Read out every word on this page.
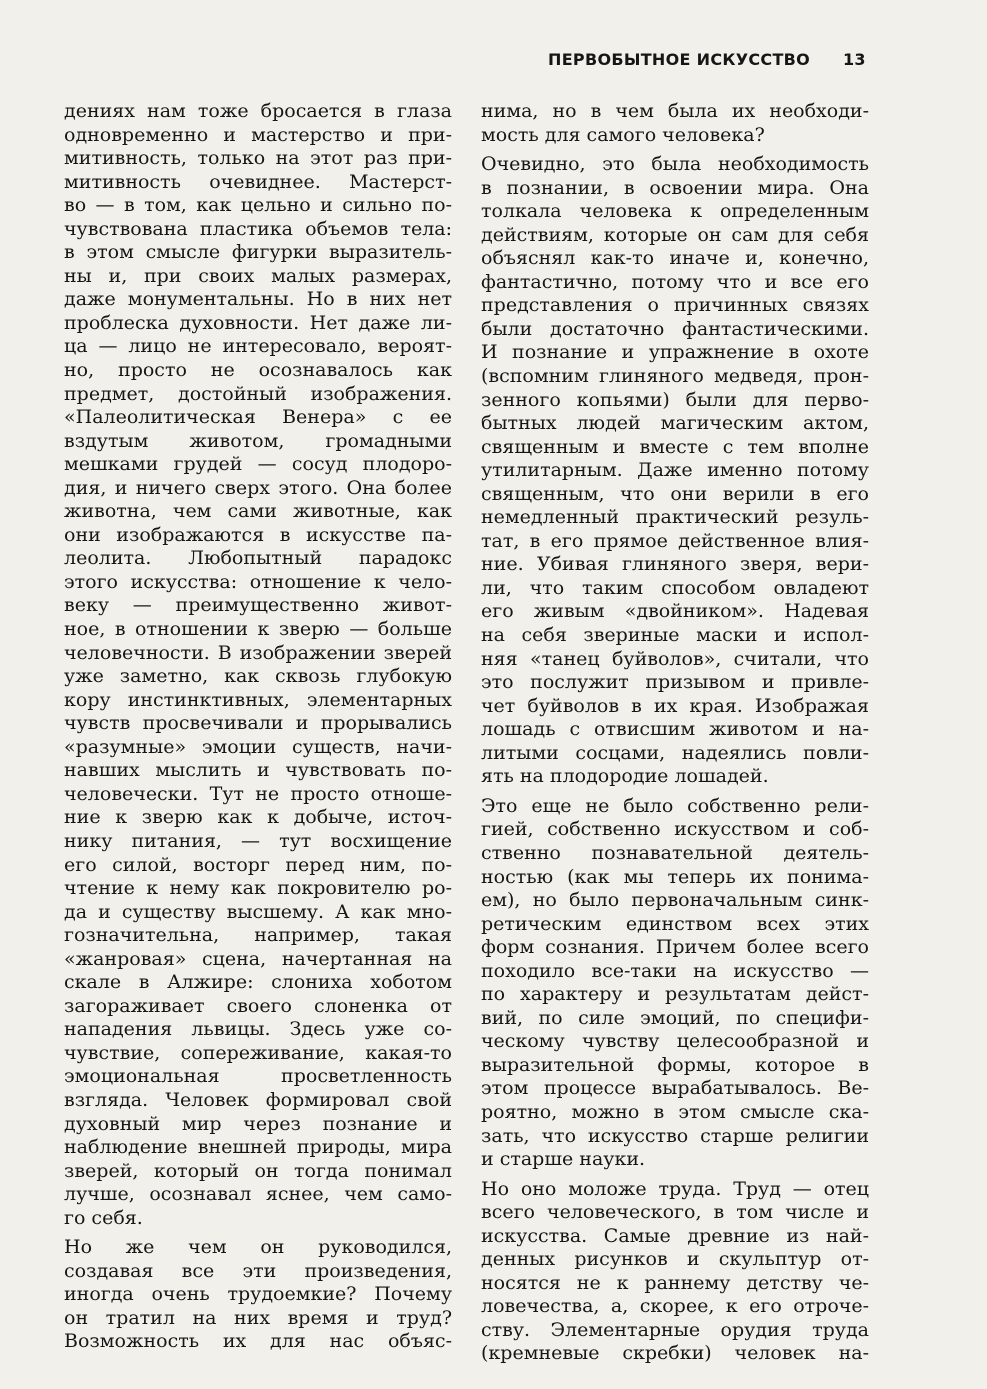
ПЕРВОБЫТНОЕ ИСКУССТВО 13
дениях нам тоже бросается в глаза
одновременно и мастерство и при-
митивность, только на этот раз при-
митивность очевиднее. Мастерст-
во — в том, как цельно и сильно по-
чувствована пластика объемов тела:
в этом смысле фигурки выразитель-
ны и, при своих малых размерах,
даже монументальны. Но в них нет
проблеска духовности. Нет даже ли-
ца — лицо не интересовало, вероят-
но, просто не осознавалось как
предмет, достойный изображения.
«Палеолитическая Венера» с ее
вздутым животом, громадными
мешками грудей — сосуд плодоро-
дия, и ничего сверх этого. Она более
животна, чем сами животные, как
они изображаются в искусстве па-
леолита. Любопытный парадокс
этого искусства: отношение к чело-
веку — преимущественно живот-
ное, в отношении к зверю — больше
человечности. В изображении зверей
уже заметно, как сквозь глубокую
кору инстинктивных, элементарных
чувств просвечивали и прорывались
«разумные» эмоции существ, начи-
навших мыслить и чувствовать по-
человечески. Тут не просто отноше-
ние к зверю как к добыче, источ-
нику питания, — тут восхищение
его силой, восторг перед ним, по-
чтение к нему как покровителю ро-
да и существу высшему. А как мно-
гозначительна, например, такая
«жанровая» сцена, начертанная на
скале в Алжире: слониха хоботом
загораживает своего слоненка от
нападения львицы. Здесь уже со-
чувствие, сопереживание, какая-то
эмоциональная просветленность
взгляда. Человек формировал свой
духовный мир через познание и
наблюдение внешней природы, мира
зверей, который он тогда понимал
лучше, осознавал яснее, чем само-
го себя.
Но же чем он руководился,
создавая все эти произведения,
иногда очень трудоемкие? Почему
он тратил на них время и труд?
Возможность их для нас объяс-
нима, но в чем была их необходи-
мость для самого человека?
Очевидно, это была необходимость
в познании, в освоении мира. Она
толкала человека к определенным
действиям, которые он сам для себя
объяснял как-то иначе и, конечно,
фантастично, потому что и все его
представления о причинных связях
были достаточно фантастическими.
И познание и упражнение в охоте
(вспомним глиняного медведя, прон-
зенного копьями) были для перво-
бытных людей магическим актом,
священным и вместе с тем вполне
утилитарным. Даже именно потому
священным, что они верили в его
немедленный практический резуль-
тат, в его прямое действенное влия-
ние. Убивая глиняного зверя, вери-
ли, что таким способом овладеют
его живым «двойником». Надевая
на себя звериные маски и испол-
няя «танец буйволов», считали, что
это послужит призывом и привле-
чет буйволов в их края. Изображая
лошадь с отвисшим животом и на-
литыми сосцами, надеялись повли-
ять на плодородие лошадей.
Это еще не было собственно рели-
гией, собственно искусством и соб-
ственно познавательной деятель-
ностью (как мы теперь их понима-
ем), но было первоначальным синк-
ретическим единством всех этих
форм сознания. Причем более всего
походило все-таки на искусство —
по характеру и результатам дейст-
вий, по силе эмоций, по специфи-
ческому чувству целесообразной и
выразительной формы, которое в
этом процессе вырабатывалось. Ве-
роятно, можно в этом смысле ска-
зать, что искусство старше религии
и старше науки.
Но оно моложе труда. Труд — отец
всего человеческого, в том числе и
искусства. Самые древние из най-
денных рисунков и скульптур от-
носятся не к раннему детству че-
ловечества, а, скорее, к его отроче-
ству. Элементарные орудия труда
(кремневые скребки) человек на-
